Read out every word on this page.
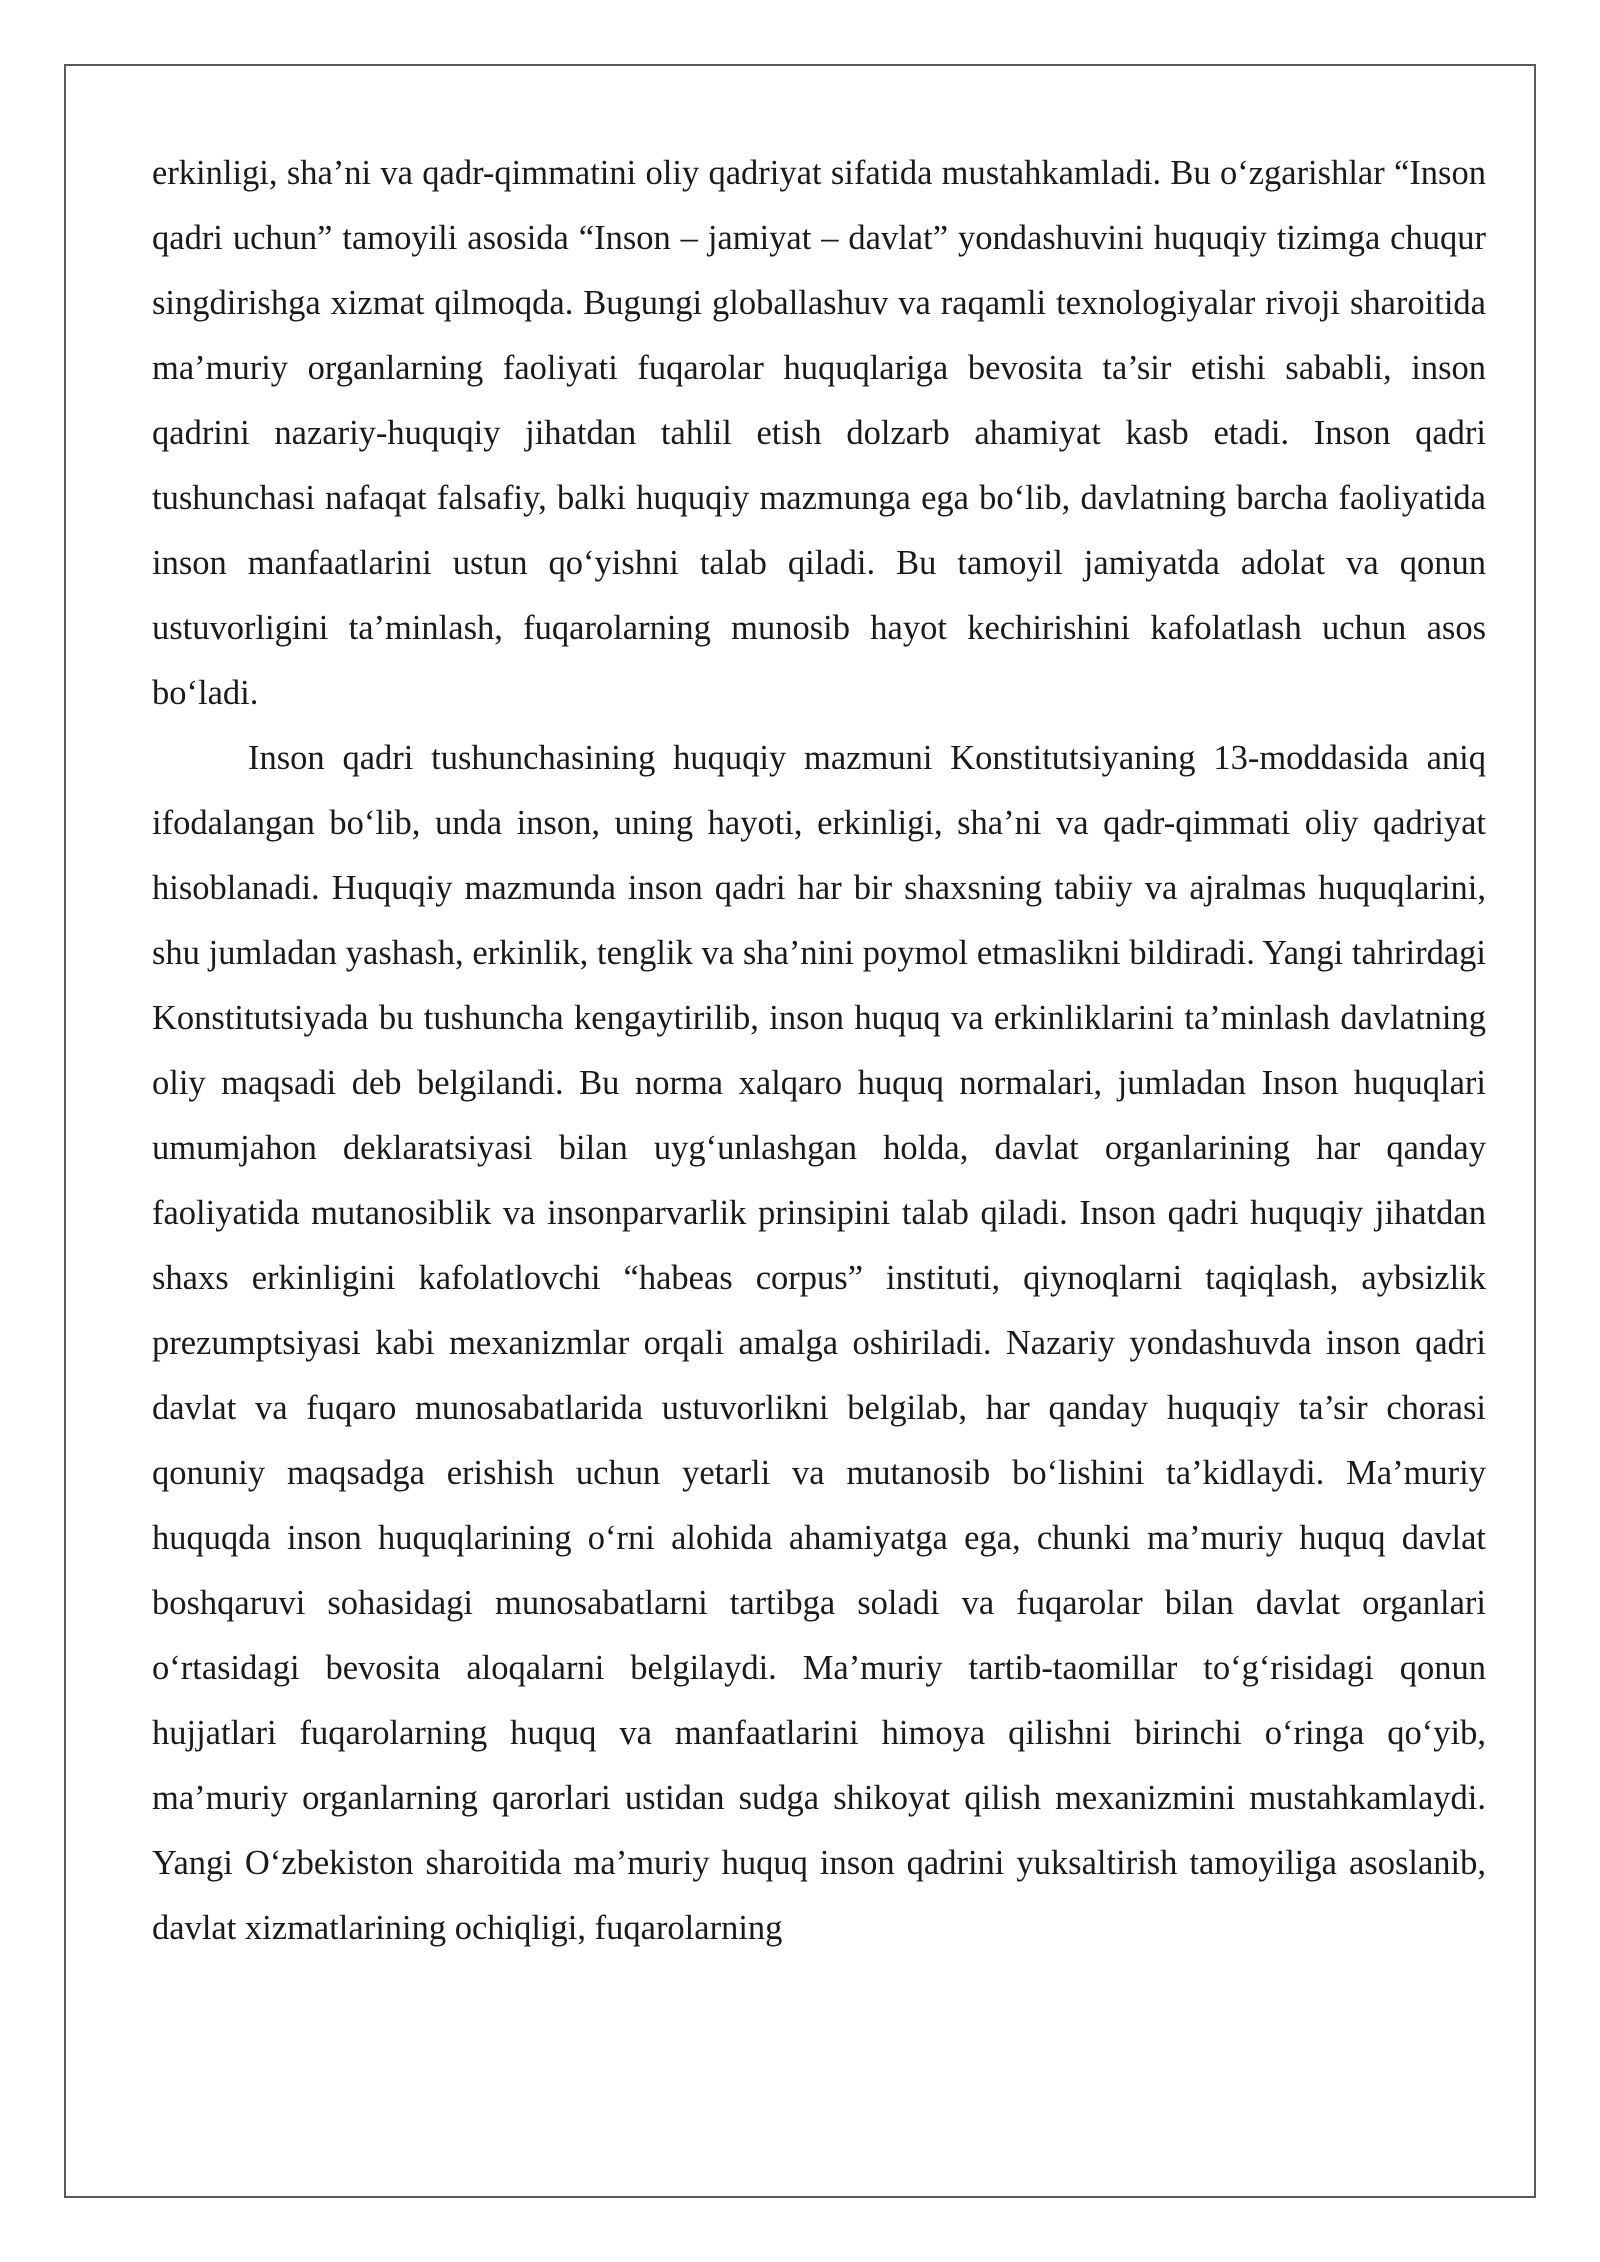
erkinligi, sha’ni va qadr-qimmatini oliy qadriyat sifatida mustahkamladi. Bu o‘zgarishlar “Inson qadri uchun” tamoyili asosida “Inson – jamiyat – davlat” yondashuvini huquqiy tizimga chuqur singdirishga xizmat qilmoqda. Bugungi globallashuv va raqamli texnologiyalar rivoji sharoitida ma’muriy organlarning faoliyati fuqarolar huquqlariga bevosita ta’sir etishi sababli, inson qadrini nazariy-huquqiy jihatdan tahlil etish dolzarb ahamiyat kasb etadi. Inson qadri tushunchasi nafaqat falsafiy, balki huquqiy mazmunga ega bo‘lib, davlatning barcha faoliyatida inson manfaatlarini ustun qo‘yishni talab qiladi. Bu tamoyil jamiyatda adolat va qonun ustuvorligini ta’minlash, fuqarolarning munosib hayot kechirishini kafolatlash uchun asos bo‘ladi.

Inson qadri tushunchasining huquqiy mazmuni Konstitutsiyaning 13-moddasida aniq ifodalangan bo‘lib, unda inson, uning hayoti, erkinligi, sha’ni va qadr-qimmati oliy qadriyat hisoblanadi. Huquqiy mazmunda inson qadri har bir shaxsning tabiiy va ajralmas huquqlarini, shu jumladan yashash, erkinlik, tenglik va sha’nini poymol etmaslikni bildiradi. Yangi tahrirdagi Konstitutsiyada bu tushuncha kengaytirilib, inson huquq va erkinliklarini ta’minlash davlatning oliy maqsadi deb belgilandi. Bu norma xalqaro huquq normalari, jumladan Inson huquqlari umumjahon deklaratsiyasi bilan uyg‘unlashgan holda, davlat organlarining har qanday faoliyatida mutanosiblik va insonparvarlik prinsipini talab qiladi. Inson qadri huquqiy jihatdan shaxs erkinligini kafolatlovchi “habeas corpus” instituti, qiynoqlarni taqiqlash, aybsizlik prezumptsiyasi kabi mexanizmlar orqali amalga oshiriladi. Nazariy yondashuvda inson qadri davlat va fuqaro munosabatlarida ustuvorlikni belgilab, har qanday huquqiy ta’sir chorasi qonuniy maqsadga erishish uchun yetarli va mutanosib bo‘lishini ta’kidlaydi. Ma’muriy huquqda inson huquqlarining o‘rni alohida ahamiyatga ega, chunki ma’muriy huquq davlat boshqaruvi sohasidagi munosabatlarni tartibga soladi va fuqarolar bilan davlat organlari o‘rtasidagi bevosita aloqalarni belgilaydi. Ma’muriy tartib-taomillar to‘g‘risidagi qonun hujjatlari fuqarolarning huquq va manfaatlarini himoya qilishni birinchi o‘ringa qo‘yib, ma’muriy organlarning qarorlari ustidan sudga shikoyat qilish mexanizmini mustahkamlaydi. Yangi O‘zbekiston sharoitida ma’muriy huquq inson qadrini yuksaltirish tamoyiliga asoslanib, davlat xizmatlarining ochiqligi, fuqarolarning
